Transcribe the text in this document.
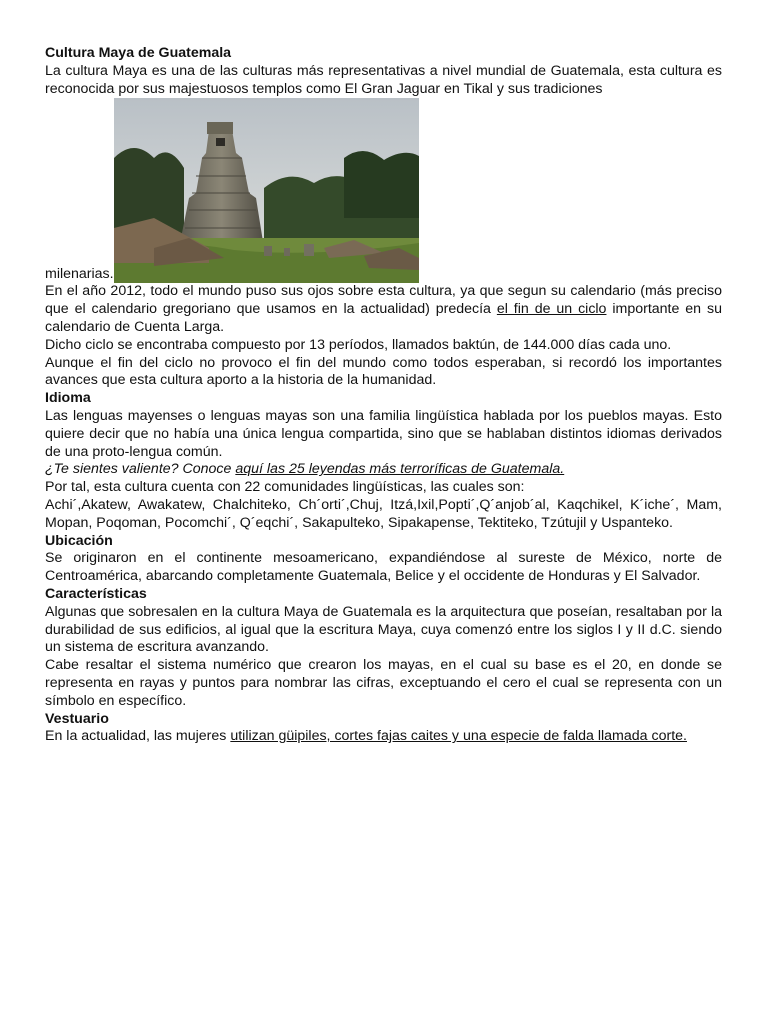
Cultura Maya de Guatemala

La cultura Maya es una de las culturas más representativas a nivel mundial de Guatemala, esta cultura es reconocida por sus majestuosos templos como El Gran Jaguar en Tikal y sus tradiciones

milenarias.

En el año 2012, todo el mundo puso sus ojos sobre esta cultura, ya que segun su calendario (más preciso que el calendario gregoriano que usamos en la actualidad) predecía el fin de un ciclo importante en su calendario de Cuenta Larga.

Dicho ciclo se encontraba compuesto por 13 períodos, llamados baktún, de 144.000 días cada uno.

Aunque el fin del ciclo no provoco el fin del mundo como todos esperaban, si recordó los importantes avances que esta cultura aporto a la historia de la humanidad.

Idioma

Las lenguas mayenses o lenguas mayas son una familia lingüística hablada por los pueblos mayas. Esto quiere decir que no había una única lengua compartida, sino que se hablaban distintos idiomas derivados de una proto-lengua común.

¿Te sientes valiente? Conoce aquí las 25 leyendas más terroríficas de Guatemala.

Por tal, esta cultura cuenta con 22 comunidades lingüísticas, las cuales son:

Achi´,Akatew, Awakatew, Chalchiteko, Ch´orti´,Chuj, Itzá,Ixil,Popti´,Q´anjob´al, Kaqchikel, K´iche´, Mam, Mopan, Poqoman, Pocomchi´, Q´eqchi´, Sakapulteko, Sipakapense, Tektiteko, Tzútujil y Uspanteko.

Ubicación

Se originaron en el continente mesoamericano, expandiéndose al sureste de México, norte de Centroamérica, abarcando completamente Guatemala, Belice y el occidente de Honduras y El Salvador.

Características

Algunas que sobresalen en la cultura Maya de Guatemala es la arquitectura que poseían, resaltaban por la durabilidad de sus edificios, al igual que la escritura Maya, cuya comenzó entre los siglos I y II d.C. siendo un sistema de escritura avanzando.

Cabe resaltar el sistema numérico que crearon los mayas, en el cual su base es el 20, en donde se representa en rayas y puntos para nombrar las cifras, exceptuando el cero el cual se representa con un símbolo en específico.

Vestuario

En la actualidad, las mujeres utilizan güipiles, cortes fajas caites y una especie de falda llamada corte.
